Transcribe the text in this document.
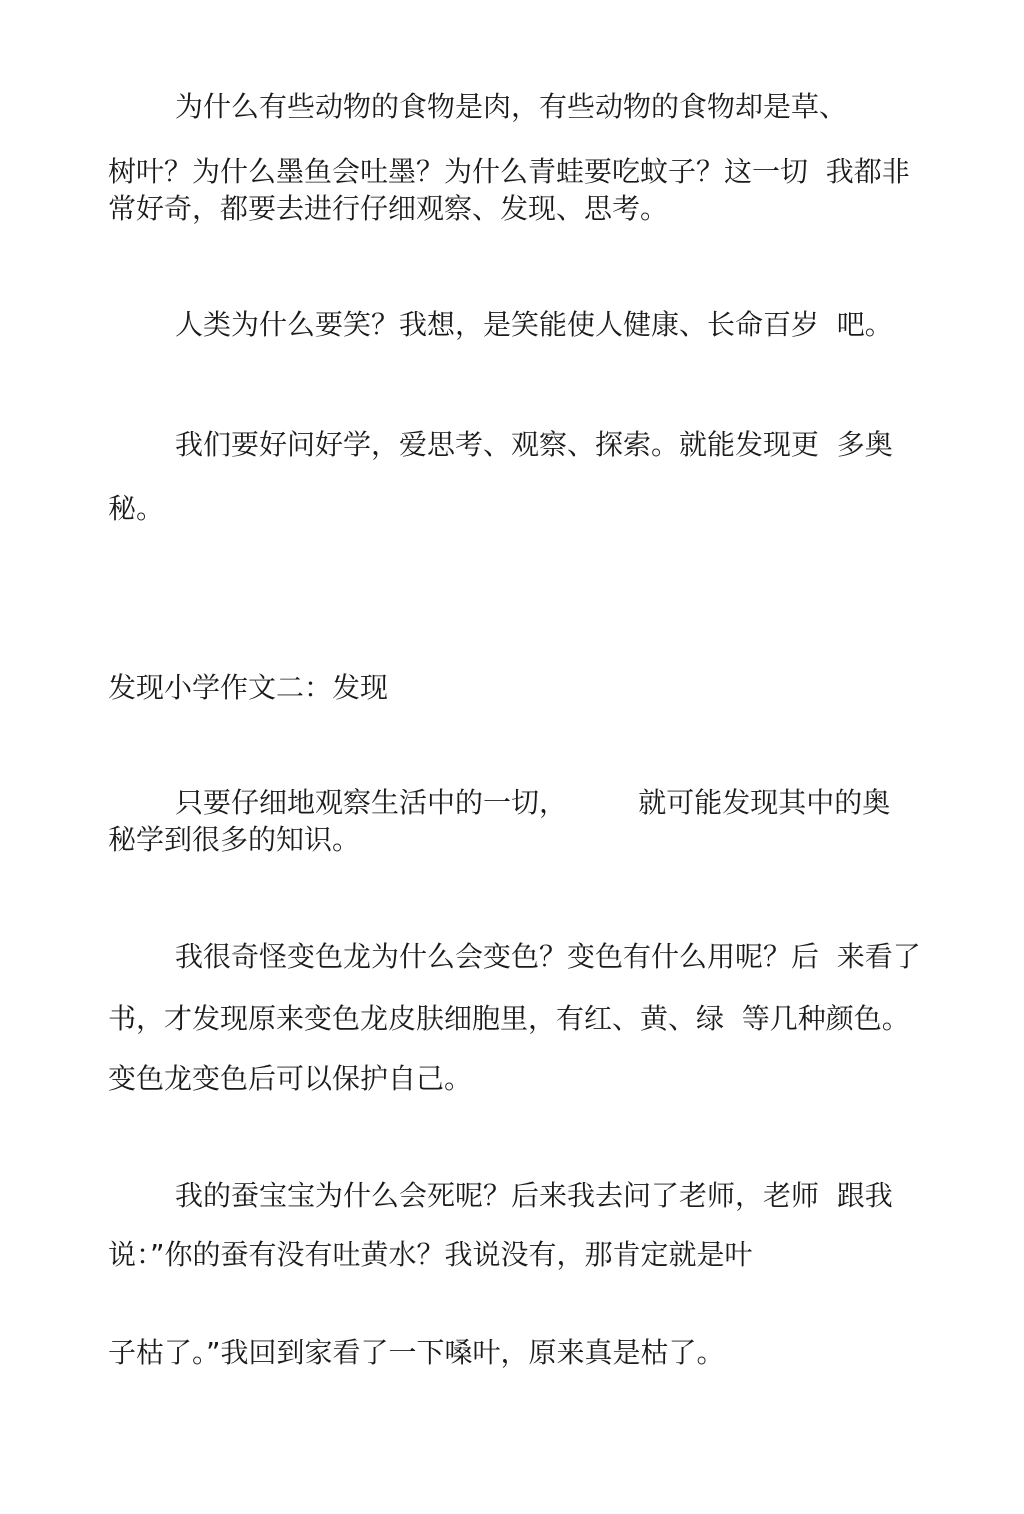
为什么有些动物的食物是肉，有些动物的食物却是草、
树叶？为什么墨鱼会吐墨？为什么青蛙要吃蚊子？这一切  我都非
常好奇，都要去进行仔细观察、发现、思考。
人类为什么要笑？我想，是笑能使人健康、长命百岁  吧。
我们要好问好学，爱思考、观察、探索。就能发现更  多奥
秘。
发现小学作文二：发现
只要仔细地观察生活中的一切，        就可能发现其中的奥
秘学到很多的知识。
我很奇怪变色龙为什么会变色？变色有什么用呢？后  来看了
书，才发现原来变色龙皮肤细胞里，有红、黄、绿  等几种颜色。
变色龙变色后可以保护自己。
我的蚕宝宝为什么会死呢？后来我去问了老师，老师  跟我
说：”你的蚕有没有吐黄水？我说没有，那肯定就是叶
子枯了。”我回到家看了一下嗓叶，原来真是枯了。
